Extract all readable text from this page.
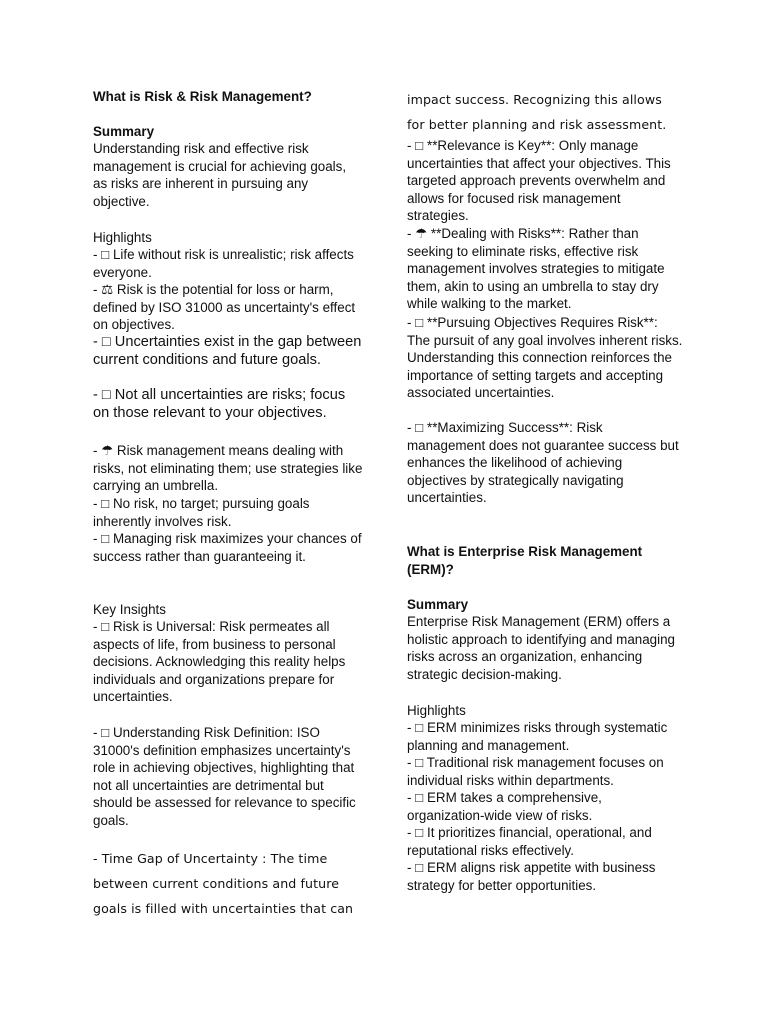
What is Risk & Risk Management?

Summary

Understanding risk and effective risk management is crucial for achieving goals, as risks are inherent in pursuing any objective.

Highlights

- □ Life without risk is unrealistic; risk affects everyone.

- ⚖ Risk is the potential for loss or harm, defined by ISO 31000 as uncertainty's effect on objectives.

- □ Uncertainties exist in the gap between current conditions and future goals.

- □ Not all uncertainties are risks; focus on those relevant to your objectives.

- ☂ Risk management means dealing with risks, not eliminating them; use strategies like carrying an umbrella.

- □ No risk, no target; pursuing goals inherently involves risk.

- □ Managing risk maximizes your chances of success rather than guaranteeing it.

Key Insights

- □ Risk is Universal: Risk permeates all aspects of life, from business to personal decisions. Acknowledging this reality helps individuals and organizations prepare for uncertainties.

- □ Understanding Risk Definition: ISO 31000's definition emphasizes uncertainty's role in achieving objectives, highlighting that not all uncertainties are detrimental but should be assessed for relevance to specific goals.

- Time Gap of Uncertainty : The time between current conditions and future goals is filled with uncertainties that can

impact success. Recognizing this allows for better planning and risk assessment.

- □ **Relevance is Key**: Only manage uncertainties that affect your objectives. This targeted approach prevents overwhelm and allows for focused risk management strategies.

- ☂ **Dealing with Risks**: Rather than seeking to eliminate risks, effective risk management involves strategies to mitigate them, akin to using an umbrella to stay dry while walking to the market.

- □ **Pursuing Objectives Requires Risk**: The pursuit of any goal involves inherent risks. Understanding this connection reinforces the importance of setting targets and accepting associated uncertainties.

- □ **Maximizing Success**: Risk management does not guarantee success but enhances the likelihood of achieving objectives by strategically navigating uncertainties.

What is Enterprise Risk Management (ERM)?

Summary

Enterprise Risk Management (ERM) offers a holistic approach to identifying and managing risks across an organization, enhancing strategic decision-making.

Highlights

- □ ERM minimizes risks through systematic planning and management.

- □ Traditional risk management focuses on individual risks within departments.

- □ ERM takes a comprehensive, organization-wide view of risks.

- □ It prioritizes financial, operational, and reputational risks effectively.

- □ ERM aligns risk appetite with business strategy for better opportunities.
